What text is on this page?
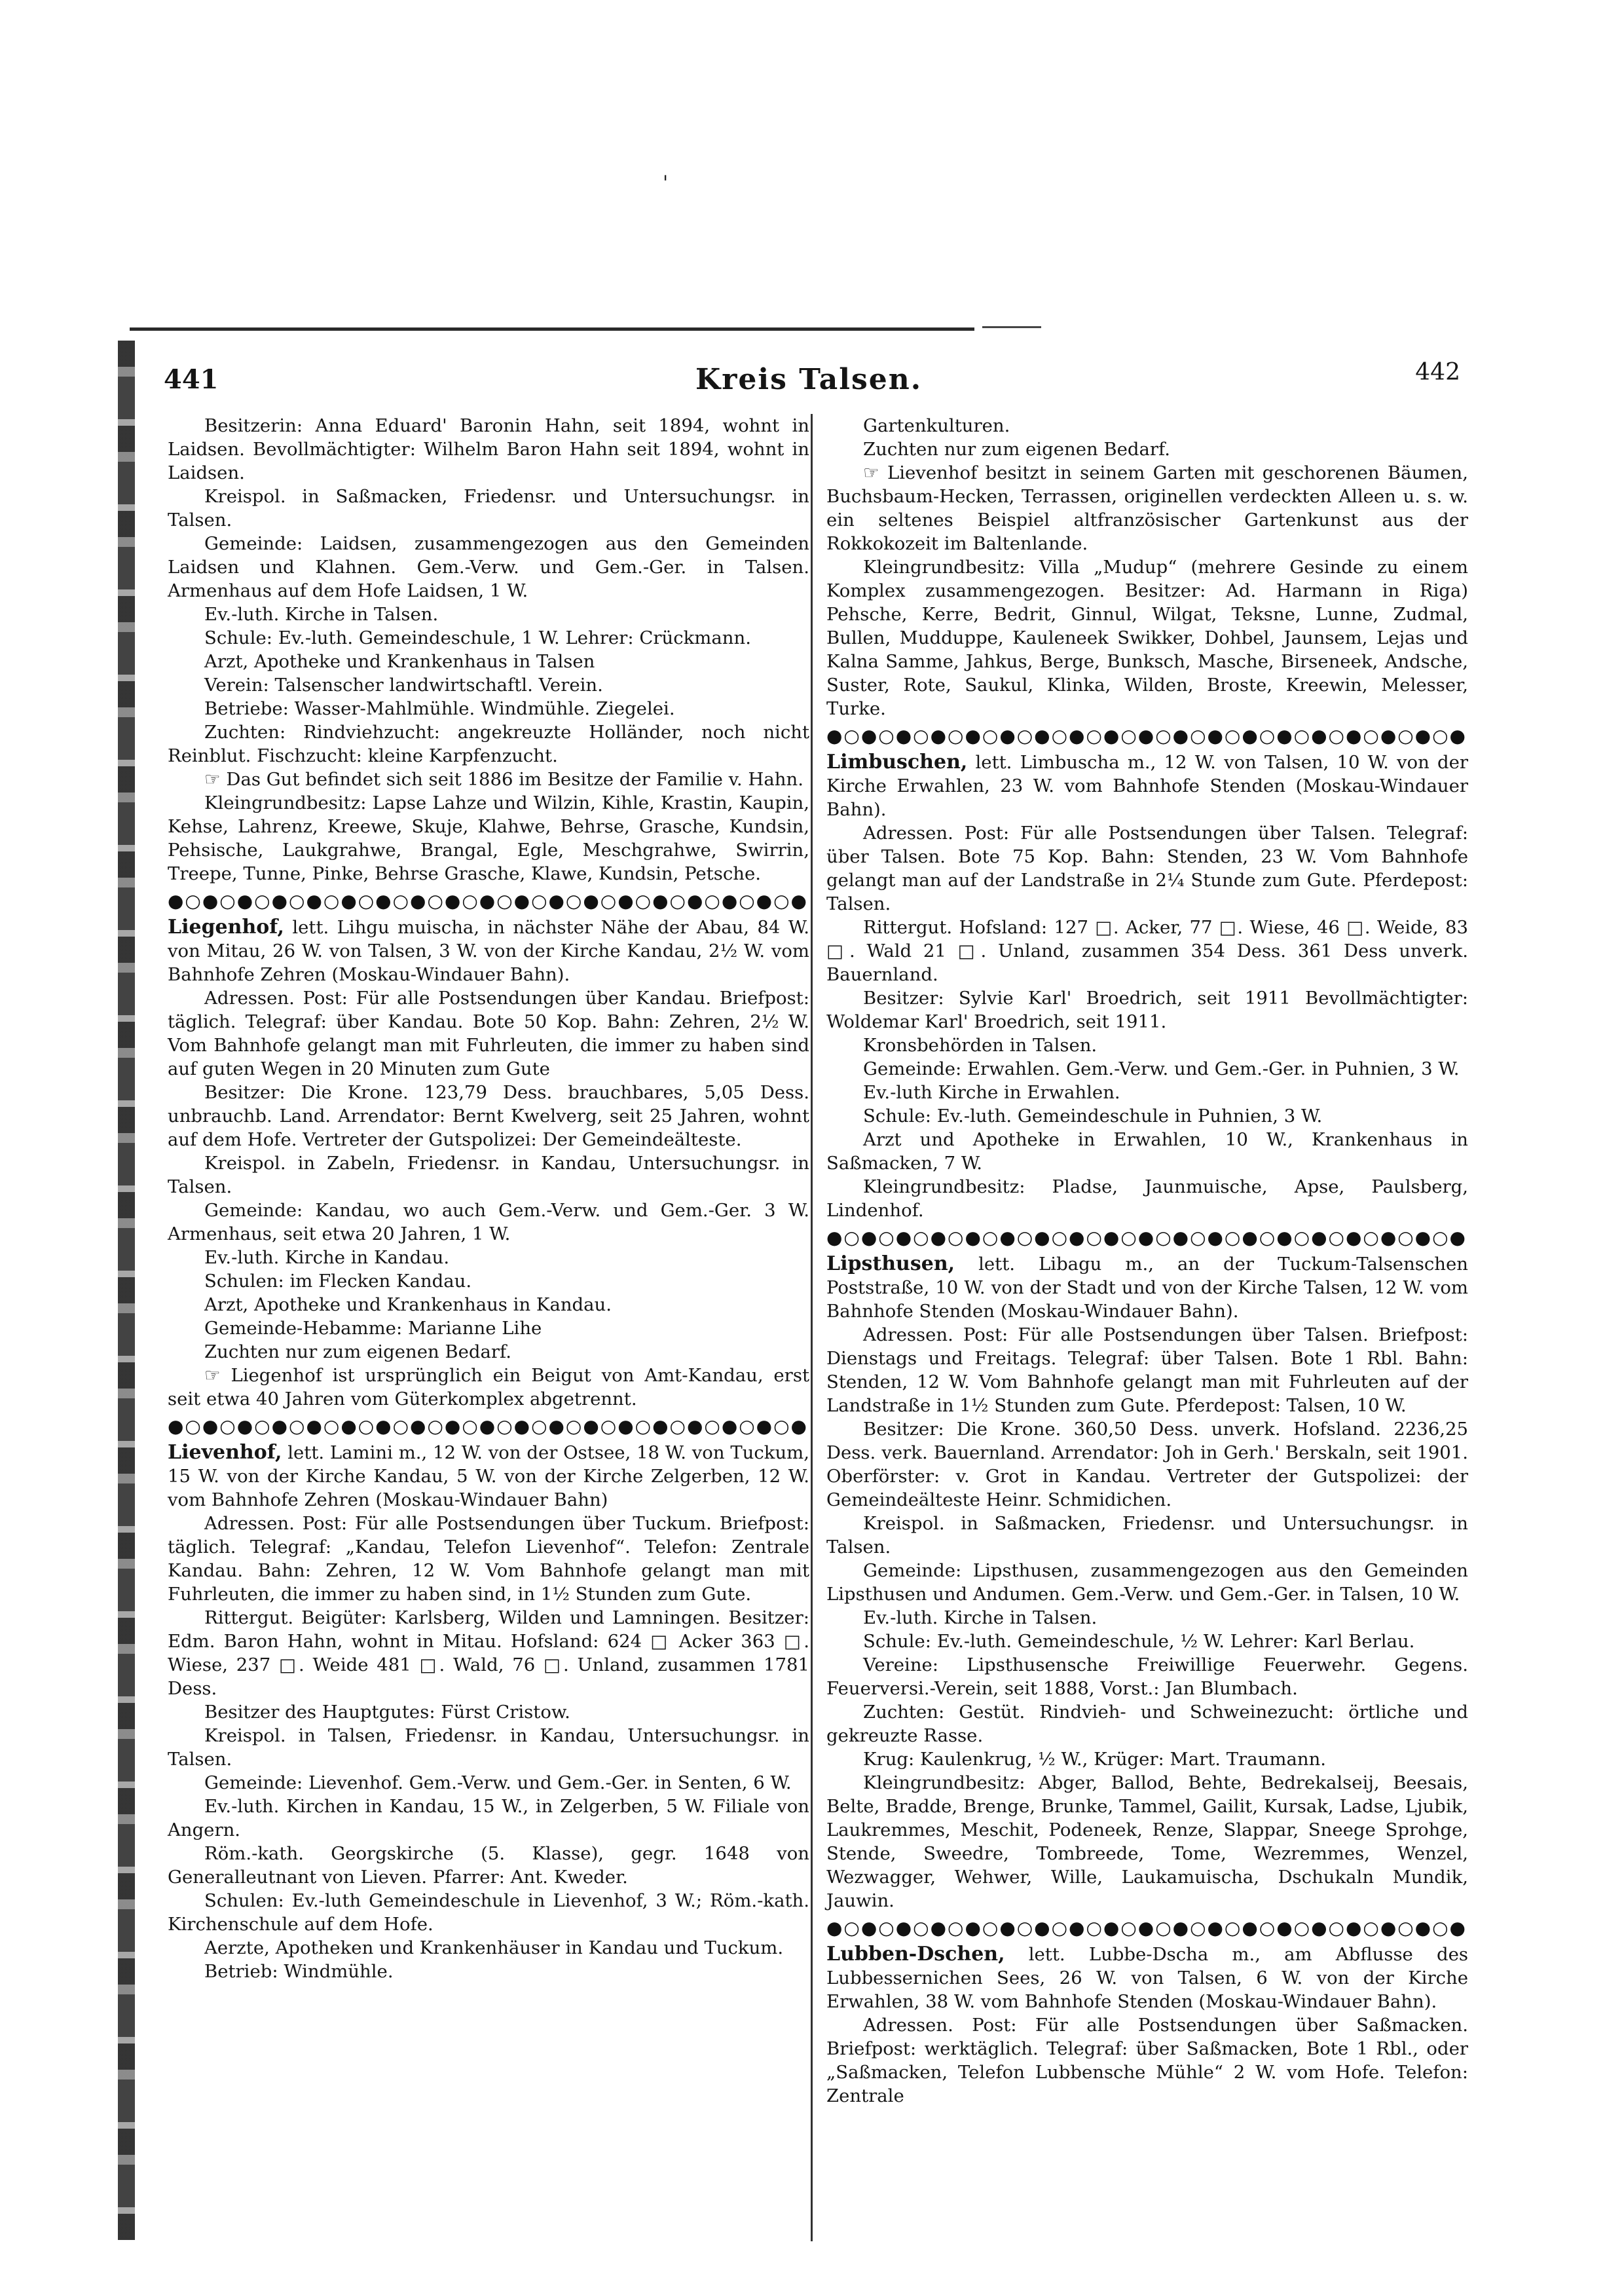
ꞌ
441	Kreis Talsen.	442

Besitzerin: Anna Eduard' Baronin Hahn, seit 1894, wohnt in Laidsen. Bevollmächtigter: Wilhelm Baron Hahn seit 1894, wohnt in Laidsen.

Kreispol. in Saßmacken, Friedensr. und Untersuchungsr. in Talsen.

Gemeinde: Laidsen, zusammengezogen aus den Gemeinden Laidsen und Klahnen. Gem.-Verw. und Gem.-Ger. in Talsen. Armenhaus auf dem Hofe Laidsen, 1 W.

Ev.-luth. Kirche in Talsen.

Schule: Ev.-luth. Gemeindeschule, 1 W. Lehrer: Crückmann.

Arzt, Apotheke und Krankenhaus in Talsen

Verein: Talsenscher landwirtschaftl. Verein.

Betriebe: Wasser-Mahlmühle. Windmühle. Ziegelei.

Zuchten: Rindviehzucht: angekreuzte Holländer, noch nicht Reinblut. Fischzucht: kleine Karpfenzucht.

☞ Das Gut befindet sich seit 1886 im Besitze der Familie v. Hahn.

Kleingrundbesitz: Lapse Lahze und Wilzin, Kihle, Krastin, Kaupin, Kehse, Lahrenz, Kreewe, Skuje, Klahwe, Behrse, Grasche, Kundsin, Pehsische, Laukgrahwe, Brangal, Egle, Meschgrahwe, Swirrin, Treepe, Tunne, Pinke, Behrse Grasche, Klawe, Kundsin, Petsche.

●○●○●○●○●○●○●○●○●○●○●○●○●○●○●○●○●○●○●

Liegenhof, lett. Lihgu muischa, in nächster Nähe der Abau, 84 W. von Mitau, 26 W. von Talsen, 3 W. von der Kirche Kandau, 2½ W. vom Bahnhofe Zehren (Moskau-Windauer Bahn).

Adressen. Post: Für alle Postsendungen über Kandau. Briefpost: täglich. Telegraf: über Kandau. Bote 50 Kop. Bahn: Zehren, 2½ W. Vom Bahnhofe gelangt man mit Fuhrleuten, die immer zu haben sind auf guten Wegen in 20 Minuten zum Gute

Besitzer: Die Krone. 123,79 Dess. brauchbares, 5,05 Dess. unbrauchb. Land. Arrendator: Bernt Kwelverg, seit 25 Jahren, wohnt auf dem Hofe. Vertreter der Gutspolizei: Der Gemeindeälteste.

Kreispol. in Zabeln, Friedensr. in Kandau, Untersuchungsr. in Talsen.

Gemeinde: Kandau, wo auch Gem.-Verw. und Gem.-Ger. 3 W. Armenhaus, seit etwa 20 Jahren, 1 W.

Ev.-luth. Kirche in Kandau.

Schulen: im Flecken Kandau.

Arzt, Apotheke und Krankenhaus in Kandau.

Gemeinde-Hebamme: Marianne Lihe

Zuchten nur zum eigenen Bedarf.

☞ Liegenhof ist ursprünglich ein Beigut von Amt-Kandau, erst seit etwa 40 Jahren vom Güterkomplex abgetrennt.

●○●○●○●○●○●○●○●○●○●○●○●○●○●○●○●○●○●○●

Lievenhof, lett. Lamini m., 12 W. von der Ostsee, 18 W. von Tuckum, 15 W. von der Kirche Kandau, 5 W. von der Kirche Zelgerben, 12 W. vom Bahnhofe Zehren (Moskau-Windauer Bahn)

Adressen. Post: Für alle Postsendungen über Tuckum. Briefpost: täglich. Telegraf: „Kandau, Telefon Lievenhof“. Telefon: Zentrale Kandau. Bahn: Zehren, 12 W. Vom Bahnhofe gelangt man mit Fuhrleuten, die immer zu haben sind, in 1½ Stunden zum Gute.

Rittergut. Beigüter: Karlsberg, Wilden und Lamningen. Besitzer: Edm. Baron Hahn, wohnt in Mitau. Hofsland: 624 □ Acker 363 □. Wiese, 237 □. Weide 481 □. Wald, 76 □. Unland, zusammen 1781 Dess.

Besitzer des Hauptgutes: Fürst Cristow.

Kreispol. in Talsen, Friedensr. in Kandau, Untersuchungsr. in Talsen.

Gemeinde: Lievenhof. Gem.-Verw. und Gem.-Ger. in Senten, 6 W.

Ev.-luth. Kirchen in Kandau, 15 W., in Zelgerben, 5 W. Filiale von Angern.

Röm.-kath. Georgskirche (5. Klasse), gegr. 1648 von Generalleutnant von Lieven. Pfarrer: Ant. Kweder.

Schulen: Ev.-luth Gemeindeschule in Lievenhof, 3 W.; Röm.-kath. Kirchenschule auf dem Hofe.

Aerzte, Apotheken und Krankenhäuser in Kandau und Tuckum.

Betrieb: Windmühle.

Gartenkulturen.

Zuchten nur zum eigenen Bedarf.

☞ Lievenhof besitzt in seinem Garten mit geschorenen Bäumen, Buchsbaum-Hecken, Terrassen, originellen verdeckten Alleen u. s. w. ein seltenes Beispiel altfranzösischer Gartenkunst aus der Rokkokozeit im Baltenlande.

Kleingrundbesitz: Villa „Mudup“ (mehrere Gesinde zu einem Komplex zusammengezogen. Besitzer: Ad. Harmann in Riga) Pehsche, Kerre, Bedrit, Ginnul, Wilgat, Teksne, Lunne, Zudmal, Bullen, Mudduppe, Kauleneek Swikker, Dohbel, Jaunsem, Lejas und Kalna Samme, Jahkus, Berge, Bunksch, Masche, Birseneek, Andsche, Suster, Rote, Saukul, Klinka, Wilden, Broste, Kreewin, Melesser, Turke.

●○●○●○●○●○●○●○●○●○●○●○●○●○●○●○●○●○●○●

Limbuschen, lett. Limbuscha m., 12 W. von Talsen, 10 W. von der Kirche Erwahlen, 23 W. vom Bahnhofe Stenden (Moskau-Windauer Bahn).

Adressen. Post: Für alle Postsendungen über Talsen. Telegraf: über Talsen. Bote 75 Kop. Bahn: Stenden, 23 W. Vom Bahnhofe gelangt man auf der Landstraße in 2¼ Stunde zum Gute. Pferdepost: Talsen.

Rittergut. Hofsland: 127 □. Acker, 77 □. Wiese, 46 □. Weide, 83 □. Wald 21 □. Unland, zusammen 354 Dess. 361 Dess unverk. Bauernland.

Besitzer: Sylvie Karl' Broedrich, seit 1911 Bevollmächtigter: Woldemar Karl' Broedrich, seit 1911.

Kronsbehörden in Talsen.

Gemeinde: Erwahlen. Gem.-Verw. und Gem.-Ger. in Puhnien, 3 W.

Ev.-luth Kirche in Erwahlen.

Schule: Ev.-luth. Gemeindeschule in Puhnien, 3 W.

Arzt und Apotheke in Erwahlen, 10 W., Krankenhaus in Saßmacken, 7 W.

Kleingrundbesitz: Pladse, Jaunmuische, Apse, Paulsberg, Lindenhof.

●○●○●○●○●○●○●○●○●○●○●○●○●○●○●○●○●○●○●

Lipsthusen, lett. Libagu m., an der Tuckum-Talsenschen Poststraße, 10 W. von der Stadt und von der Kirche Talsen, 12 W. vom Bahnhofe Stenden (Moskau-Windauer Bahn).

Adressen. Post: Für alle Postsendungen über Talsen. Briefpost: Dienstags und Freitags. Telegraf: über Talsen. Bote 1 Rbl. Bahn: Stenden, 12 W. Vom Bahnhofe gelangt man mit Fuhrleuten auf der Landstraße in 1½ Stunden zum Gute. Pferdepost: Talsen, 10 W.

Besitzer: Die Krone. 360,50 Dess. unverk. Hofsland. 2236,25 Dess. verk. Bauernland. Arrendator: Joh in Gerh.' Berskaln, seit 1901. Oberförster: v. Grot in Kandau. Vertreter der Gutspolizei: der Gemeindeälteste Heinr. Schmidichen.

Kreispol. in Saßmacken, Friedensr. und Untersuchungsr. in Talsen.

Gemeinde: Lipsthusen, zusammengezogen aus den Gemeinden Lipsthusen und Andumen. Gem.-Verw. und Gem.-Ger. in Talsen, 10 W.

Ev.-luth. Kirche in Talsen.

Schule: Ev.-luth. Gemeindeschule, ½ W. Lehrer: Karl Berlau.

Vereine: Lipsthusensche Freiwillige Feuerwehr. Gegens. Feuerversi.-Verein, seit 1888, Vorst.: Jan Blumbach.

Zuchten: Gestüt. Rindvieh- und Schweinezucht: örtliche und gekreuzte Rasse.

Krug: Kaulenkrug, ½ W., Krüger: Mart. Traumann.

Kleingrundbesitz: Abger, Ballod, Behte, Bedrekalseij, Beesais, Belte, Bradde, Brenge, Brunke, Tammel, Gailit, Kursak, Ladse, Ljubik, Laukremmes, Meschit, Podeneek, Renze, Slappar, Sneege Sprohge, Stende, Sweedre, Tombreede, Tome, Wezremmes, Wenzel, Wezwagger, Wehwer, Wille, Laukamuischa, Dschukaln Mundik, Jauwin.

●○●○●○●○●○●○●○●○●○●○●○●○●○●○●○●○●○●○●

Lubben-Dschen, lett. Lubbe-Dscha m., am Abflusse des Lubbessernichen Sees, 26 W. von Talsen, 6 W. von der Kirche Erwahlen, 38 W. vom Bahnhofe Stenden (Moskau-Windauer Bahn).

Adressen. Post: Für alle Postsendungen über Saßmacken. Briefpost: werktäglich. Telegraf: über Saßmacken, Bote 1 Rbl., oder „Saßmacken, Telefon Lubbensche Mühle“ 2 W. vom Hofe. Telefon: Zentrale
